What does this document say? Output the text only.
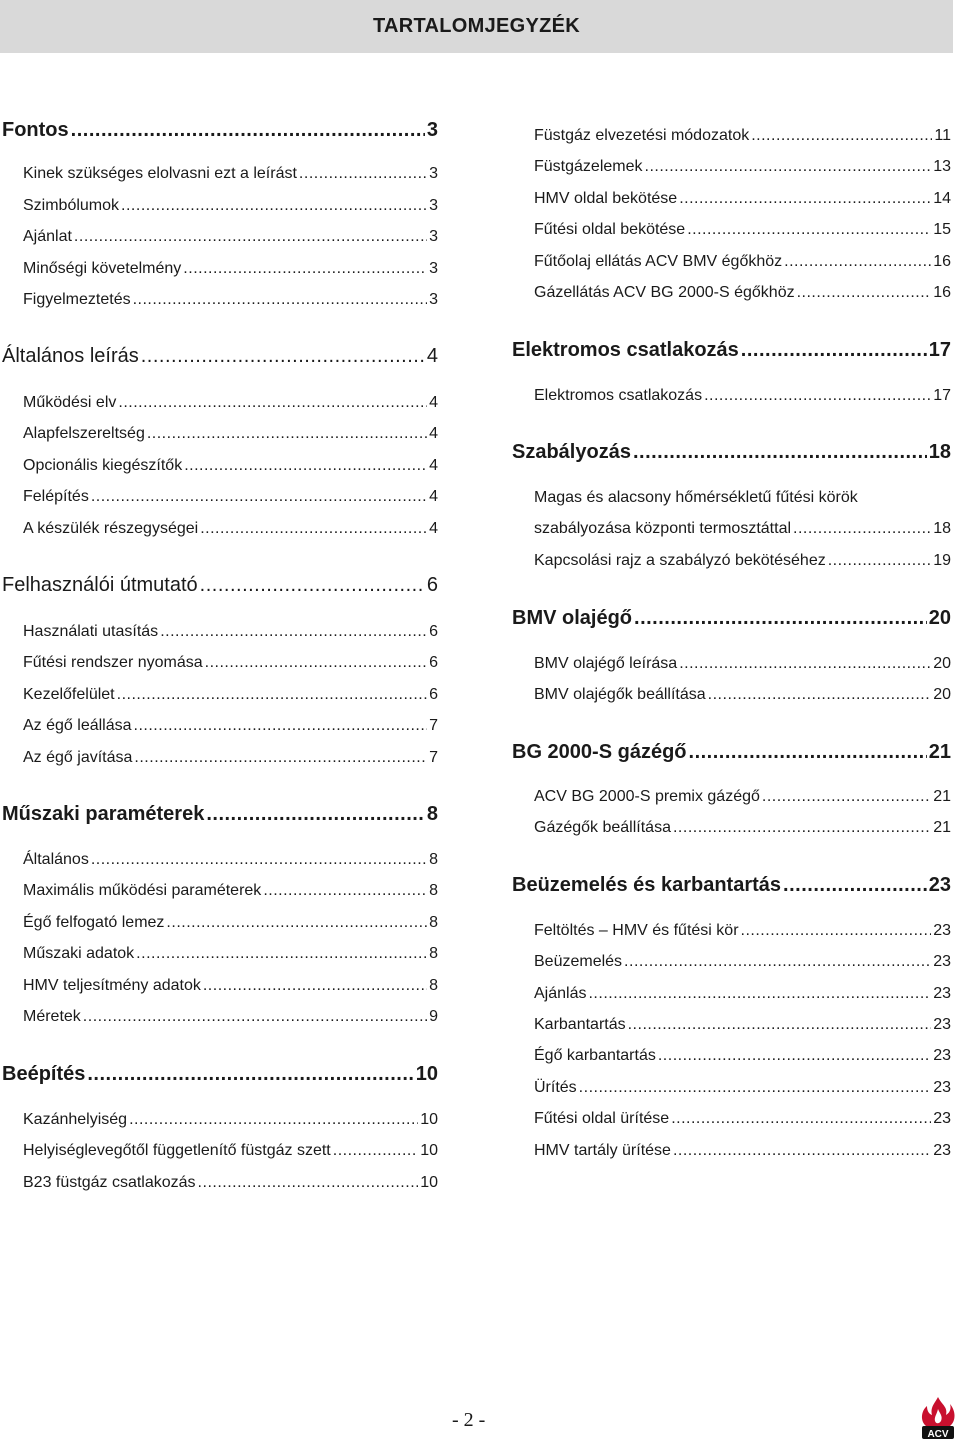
TARTALOMJEGYZÉK
Fontos .....	3
Kinek szükséges elolvasni ezt a leírást .....	3
Szimbólumok .....	3
Ajánlat .....	3
Minőségi követelmény .....	3
Figyelmeztetés .....	3
Általános leírás .....	4
Működési elv .....	4
Alapfelszereltség .....	4
Opcionális kiegészítők .....	4
Felépítés .....	4
A készülék részegységei .....	4
Felhasználói útmutató .....	6
Használati utasítás .....	6
Fűtési rendszer nyomása .....	6
Kezelőfelület .....	6
Az égő leállása .....	7
Az égő javítása .....	7
Műszaki paraméterek .....	8
Általános .....	8
Maximális működési paraméterek .....	8
Égő felfogató lemez .....	8
Műszaki adatok .....	8
HMV teljesítmény adatok .....	8
Méretek .....	9
Beépítés .....	10
Kazánhelyiség .....	10
Helyiséglevegőtől függetlenítő füstgáz szett .....	10
B23 füstgáz csatlakozás .....	10
Füstgáz elvezetési módozatok .....	11
Füstgázelemek .....	13
HMV oldal bekötése .....	14
Fűtési oldal bekötése .....	15
Fűtőolaj ellátás ACV BMV égőkhöz .....	16
Gázellátás ACV BG 2000-S égőkhöz .....	16
Elektromos csatlakozás .....	17
Elektromos csatlakozás .....	17
Szabályozás .....	18
Magas és alacsony hőmérsékletű fűtési körök
szabályozása központi termosztáttal .....	18
Kapcsolási rajz a szabályzó bekötéséhez .....	19
BMV olajégő .....	20
BMV olajégő leírása .....	20
BMV olajégők beállítása .....	20
BG 2000-S gázégő .....	21
ACV BG 2000-S premix gázégő .....	21
Gázégők beállítása .....	21
Beüzemelés és karbantartás .....	23
Feltöltés – HMV és fűtési kör .....	23
Beüzemelés .....	23
Ajánlás .....	23
Karbantartás .....	23
Égő karbantartás .....	23
Ürítés .....	23
Fűtési oldal ürítése .....	23
HMV tartály ürítése .....	23
- 2 -
ACV
